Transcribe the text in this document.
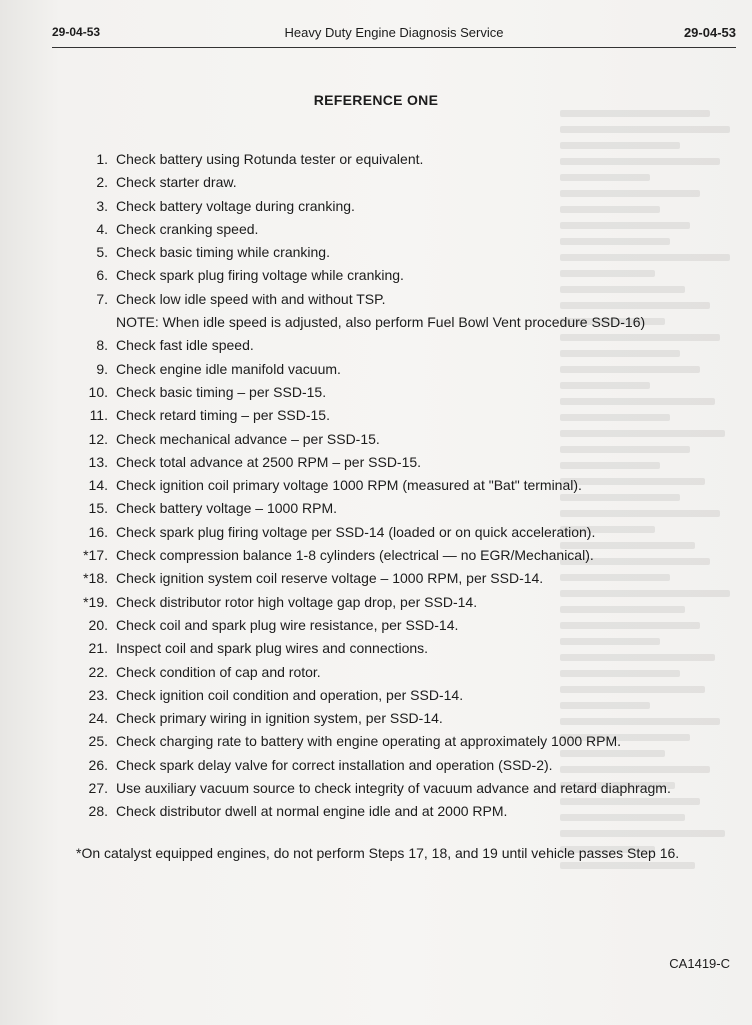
29-04-53	Heavy Duty Engine Diagnosis Service	29-04-53
REFERENCE ONE
1. Check battery using Rotunda tester or equivalent.
2. Check starter draw.
3. Check battery voltage during cranking.
4. Check cranking speed.
5. Check basic timing while cranking.
6. Check spark plug firing voltage while cranking.
7. Check low idle speed with and without TSP.
NOTE: When idle speed is adjusted, also perform Fuel Bowl Vent procedure SSD-16)
8. Check fast idle speed.
9. Check engine idle manifold vacuum.
10. Check basic timing – per SSD-15.
11. Check retard timing – per SSD-15.
12. Check mechanical advance – per SSD-15.
13. Check total advance at 2500 RPM – per SSD-15.
14. Check ignition coil primary voltage 1000 RPM (measured at "Bat" terminal).
15. Check battery voltage – 1000 RPM.
16. Check spark plug firing voltage per SSD-14 (loaded or on quick acceleration).
*17. Check compression balance 1-8 cylinders (electrical — no EGR/Mechanical).
*18. Check ignition system coil reserve voltage – 1000 RPM, per SSD-14.
*19. Check distributor rotor high voltage gap drop, per SSD-14.
20. Check coil and spark plug wire resistance, per SSD-14.
21. Inspect coil and spark plug wires and connections.
22. Check condition of cap and rotor.
23. Check ignition coil condition and operation, per SSD-14.
24. Check primary wiring in ignition system, per SSD-14.
25. Check charging rate to battery with engine operating at approximately 1000 RPM.
26. Check spark delay valve for correct installation and operation (SSD-2).
27. Use auxiliary vacuum source to check integrity of vacuum advance and retard diaphragm.
28. Check distributor dwell at normal engine idle and at 2000 RPM.
*On catalyst equipped engines, do not perform Steps 17, 18, and 19 until vehicle passes Step 16.
CA1419-C
